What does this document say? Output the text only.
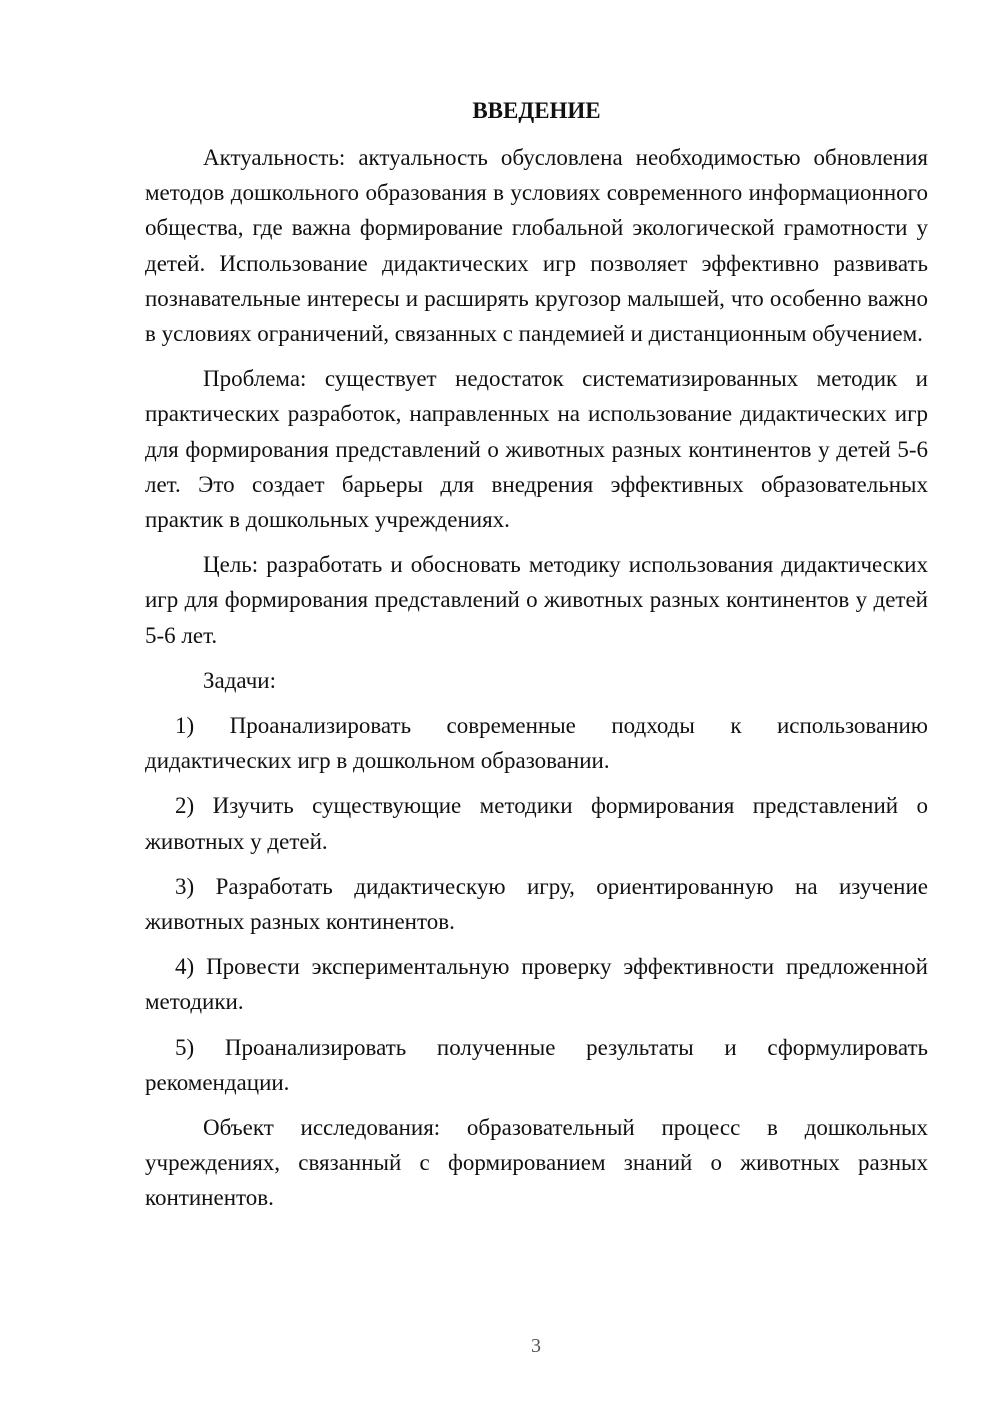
ВВЕДЕНИЕ

Актуальность: актуальность обусловлена необходимостью обновления методов дошкольного образования в условиях современного информационного общества, где важна формирование глобальной экологической грамотности у детей. Использование дидактических игр позволяет эффективно развивать познавательные интересы и расширять кругозор малышей, что особенно важно в условиях ограничений, связанных с пандемией и дистанционным обучением.

Проблема: существует недостаток систематизированных методик и практических разработок, направленных на использование дидактических игр для формирования представлений о животных разных континентов у детей 5-6 лет. Это создает барьеры для внедрения эффективных образовательных практик в дошкольных учреждениях.

Цель: разработать и обосновать методику использования дидактических игр для формирования представлений о животных разных континентов у детей 5-6 лет.

Задачи:

1) Проанализировать современные подходы к использованию дидактических игр в дошкольном образовании.

2) Изучить существующие методики формирования представлений о животных у детей.

3) Разработать дидактическую игру, ориентированную на изучение животных разных континентов.

4) Провести экспериментальную проверку эффективности предложенной методики.

5) Проанализировать полученные результаты и сформулировать рекомендации.

Объект исследования: образовательный процесс в дошкольных учреждениях, связанный с формированием знаний о животных разных континентов.

3
